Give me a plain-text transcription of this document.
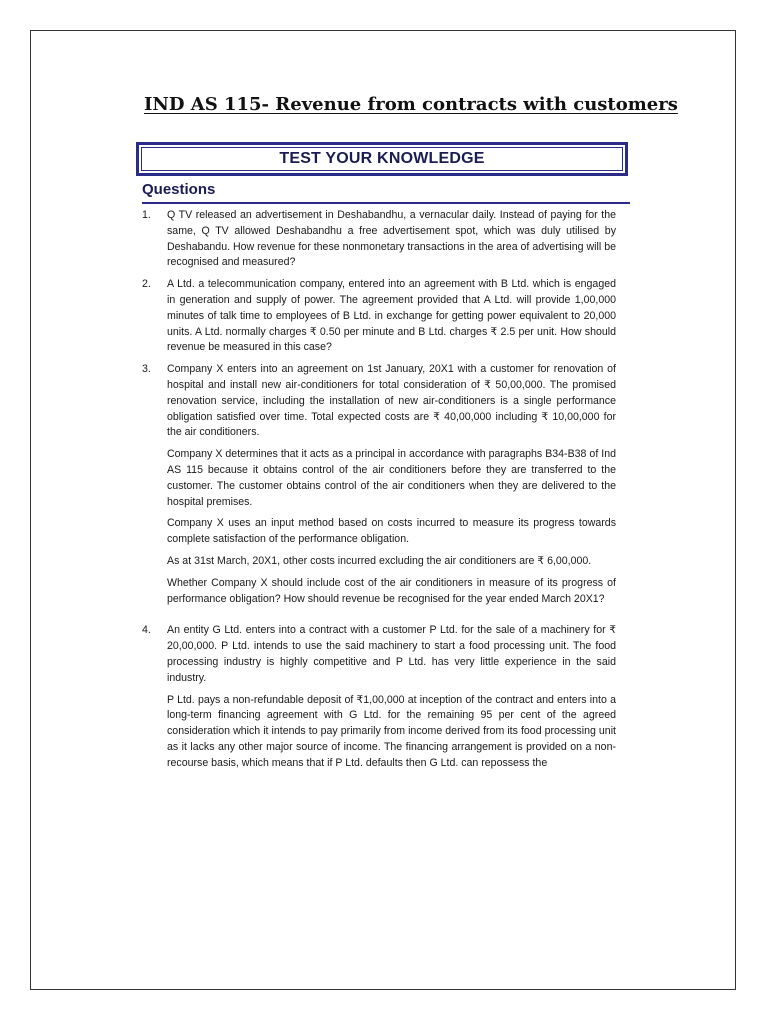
IND AS 115- Revenue from contracts with customers
TEST YOUR KNOWLEDGE
Questions
1.	Q TV released an advertisement in Deshabandhu, a vernacular daily. Instead of paying for the same, Q TV allowed Deshabandhu a free advertisement spot, which was duly utilised by Deshabandu. How revenue for these nonmonetary transactions in the area of advertising will be recognised and measured?

2.	A Ltd. a telecommunication company, entered into an agreement with B Ltd. which is engaged in generation and supply of power. The agreement provided that A Ltd. will provide 1,00,000 minutes of talk time to employees of B Ltd. in exchange for getting power equivalent to 20,000 units. A Ltd. normally charges ₹ 0.50 per minute and B Ltd. charges ₹ 2.5 per unit. How should revenue be measured in this case?

3.	Company X enters into an agreement on 1st January, 20X1 with a customer for renovation of hospital and install new air-conditioners for total consideration of ₹ 50,00,000. The promised renovation service, including the installation of new air-conditioners is a single performance obligation satisfied over time. Total expected costs are ₹ 40,00,000 including ₹ 10,00,000 for the air conditioners.

Company X determines that it acts as a principal in accordance with paragraphs B34-B38 of Ind AS 115 because it obtains control of the air conditioners before they are transferred to the customer. The customer obtains control of the air conditioners when they are delivered to the hospital premises.

Company X uses an input method based on costs incurred to measure its progress towards complete satisfaction of the performance obligation.

As at 31st March, 20X1, other costs incurred excluding the air conditioners are ₹ 6,00,000.

Whether Company X should include cost of the air conditioners in measure of its progress of performance obligation? How should revenue be recognised for the year ended March 20X1?

4.	An entity G Ltd. enters into a contract with a customer P Ltd. for the sale of a machinery for ₹ 20,00,000. P Ltd. intends to use the said machinery to start a food processing unit. The food processing industry is highly competitive and P Ltd. has very little experience in the said industry.

P Ltd. pays a non-refundable deposit of ₹1,00,000 at inception of the contract and enters into a long-term financing agreement with G Ltd. for the remaining 95 per cent of the agreed consideration which it intends to pay primarily from income derived from its food processing unit as it lacks any other major source of income. The financing arrangement is provided on a non-recourse basis, which means that if P Ltd. defaults then G Ltd. can repossess the
